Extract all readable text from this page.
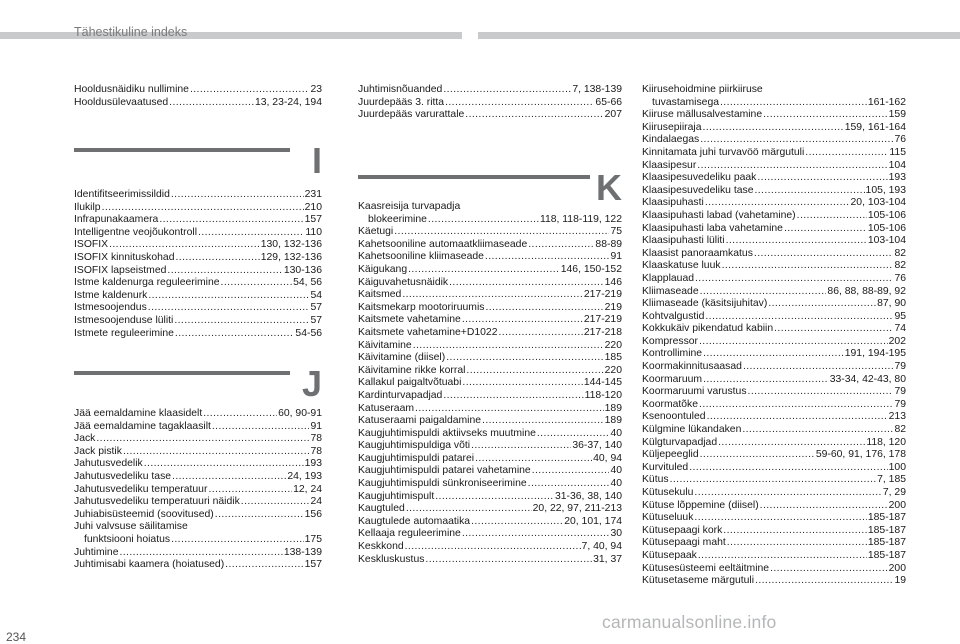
Tähestikuline indeks
Hooldusnäidiku nullimine .....	23
Hooldusülevaatused .....	13, 23-24, 194
I
Identifitseerimissildid .....	231
Ilukilp .....	210
Infrapunakaamera .....	157
Intelligentne veojõukontroll .....	110
ISOFIX .....	130, 132-136
ISOFIX kinnituskohad .....	129, 132-136
ISOFIX lapseistmed .....	130-136
Istme kaldenurga reguleerimine .....	54, 56
Istme kaldenurk .....	54
Istmesoojendus .....	57
Istmesoojenduse lüliti .....	57
Istmete reguleerimine .....	54-56
J
Jää eemaldamine klaasidelt .....	60, 90-91
Jää eemaldamine tagaklaasilt .....	91
Jack .....	78
Jack pistik .....	78
Jahutusvedelik .....	193
Jahutusvedeliku tase .....	24, 193
Jahutusvedeliku temperatuur .....	12, 24
Jahutusvedeliku temperatuuri näidik .....	24
Juhiabisüsteemid (soovitused) .....	156
Juhi valvsuse säilitamise
funktsiooni hoiatus .....	175
Juhtimine .....	138-139
Juhtimisabi kaamera (hoiatused) .....	157
Juhtimisnõuanded .....	7, 138-139
Juurdepääs 3. ritta .....	65-66
Juurdepääs varurattale .....	207
K
Kaasreisija turvapadja
blokeerimine .....	118, 118-119, 122
Käetugi .....	75
Kahetsooniline automaatkliimaseade .....	88-89
Kahetsooniline kliimaseade .....	91
Käigukang .....	146, 150-152
Käiguvahetusnäidik .....	146
Kaitsmed .....	217-219
Kaitsmekarp mootoriruumis .....	219
Kaitsmete vahetamine .....	217-219
Kaitsmete vahetamine+D1022 .....	217-218
Käivitamine .....	220
Käivitamine (diisel) .....	185
Käivitamine rikke korral .....	220
Kallakul paigaltvõtuabi .....	144-145
Kardinturvapadjad .....	118-120
Katuseraam .....	189
Katuseraami paigaldamine .....	189
Kaugjuhtimispuldi aktiivseks muutmine .....	40
Kaugjuhtimispuldiga võti .....	36-37, 140
Kaugjuhtimispuldi patarei .....	40, 94
Kaugjuhtimispuldi patarei vahetamine .....	40
Kaugjuhtimispuldi sünkroniseerimine .....	40
Kaugjuhtimispult .....	31-36, 38, 140
Kaugtuled .....	20, 22, 97, 211-213
Kaugtulede automaatika .....	20, 101, 174
Kellaaja reguleerimine .....	30
Keskkond .....	7, 40, 94
Keskluskustus .....	31, 37
Kiirusehoidmine piirkiiruse
tuvastamisega .....	161-162
Kiiruse mällusalvestamine .....	159
Kiirusepiiraja .....	159, 161-164
Kindalaegas .....	76
Kinnitamata juhi turvavöö märgutuli .....	115
Klaasipesur .....	104
Klaasipesuvedeliku paak .....	193
Klaasipesuvedeliku tase .....	105, 193
Klaasipuhasti .....	20, 103-104
Klaasipuhasti labad (vahetamine) .....	105-106
Klaasipuhasti laba vahetamine .....	105-106
Klaasipuhasti lüliti .....	103-104
Klaasist panoraamkatus .....	82
Klaaskatuse luuk .....	82
Klapplauad .....	76
Kliimaseade .....	86, 88, 88-89, 92
Kliimaseade (käsitsijuhitav) .....	87, 90
Kohtvalgustid .....	95
Kokkukäiv pikendatud kabiin .....	74
Kompressor .....	202
Kontrollimine .....	191, 194-195
Koormakinnitusaasad .....	79
Koormaruum .....	33-34, 42-43, 80
Koormaruumi varustus .....	79
Koormatõke .....	79
Ksenoontuled .....	213
Külgmine lükandaken .....	82
Külgturvapadjad .....	118, 120
Küljepeeglid .....	59-60, 91, 176, 178
Kurvituled .....	100
Kütus .....	7, 185
Kütusekulu .....	7, 29
Kütuse lõppemine (diisel) .....	200
Kütuseluuk .....	185-187
Kütusepaagi kork .....	185-187
Kütusepaagi maht .....	185-187
Kütusepaak .....	185-187
Kütusesüsteemi eeltäitmine .....	200
Kütusetaseme märgutuli .....	19
carmanualsonline.info
234
